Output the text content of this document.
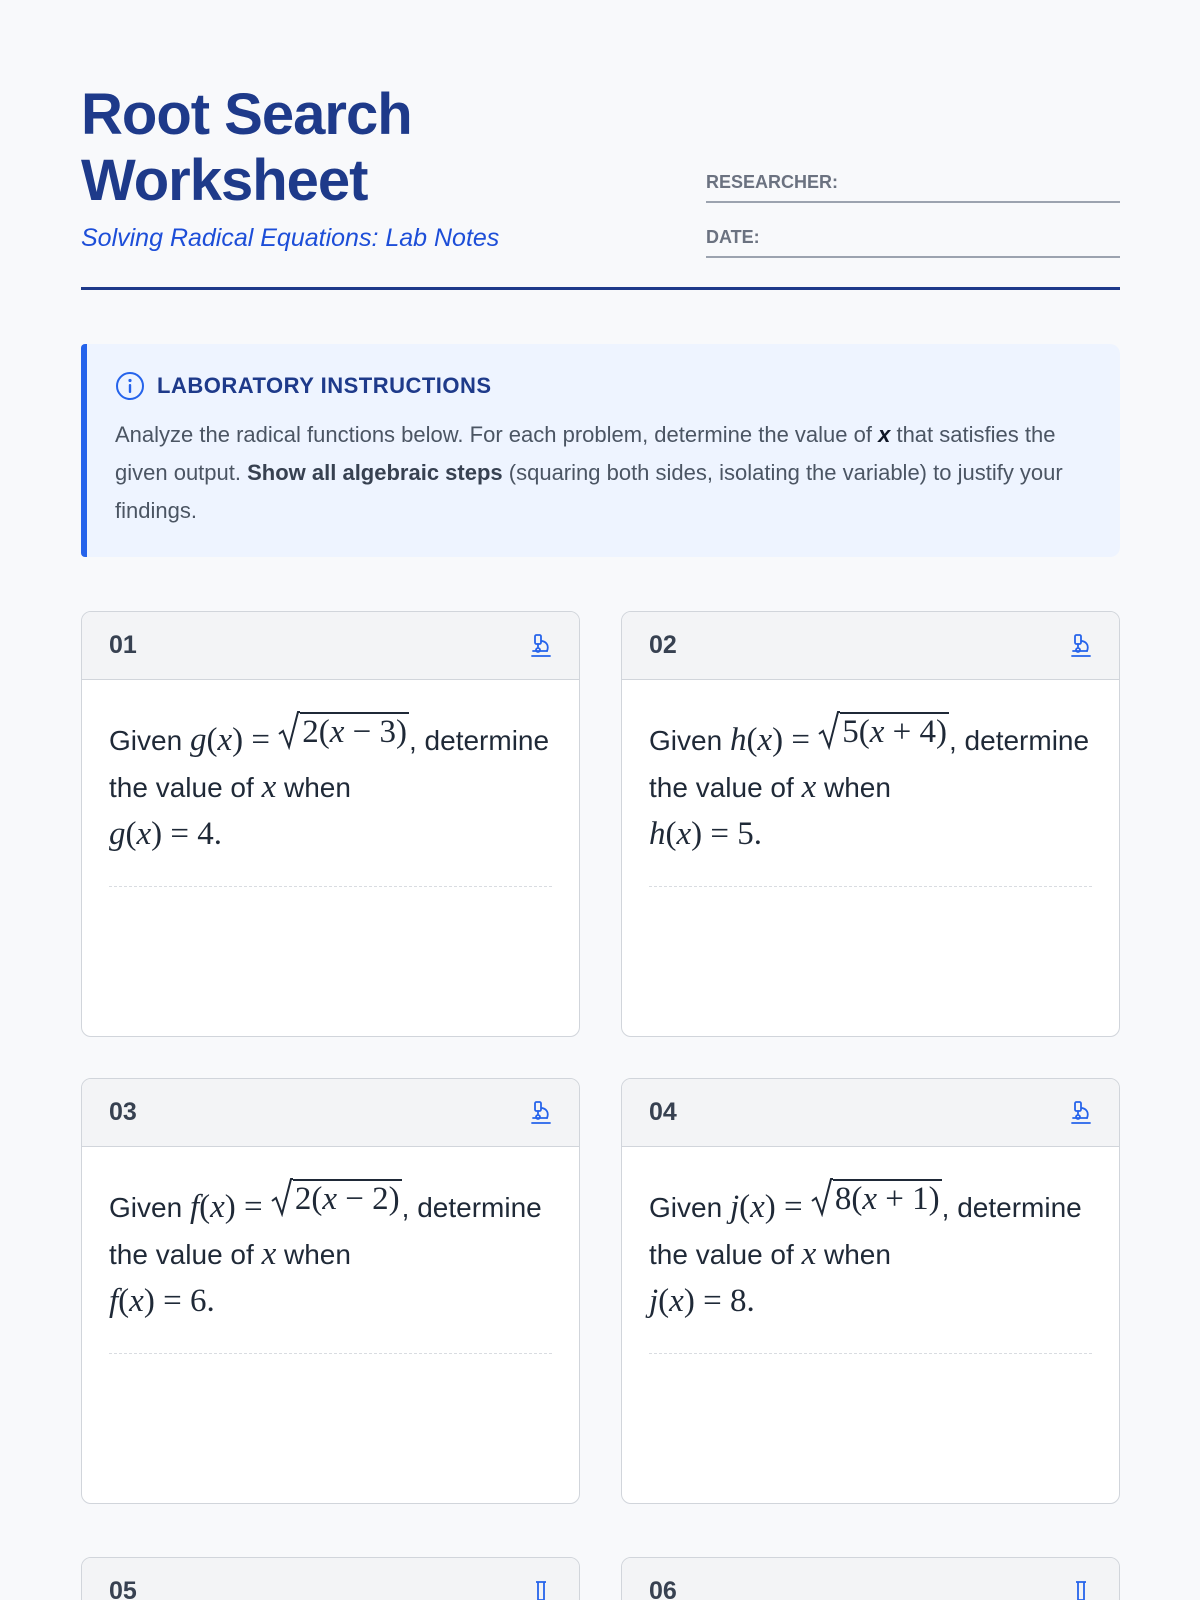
Root Search
Worksheet
Solving Radical Equations: Lab Notes
RESEARCHER:
DATE:
LABORATORY INSTRUCTIONS

Analyze the radical functions below. For each problem, determine the value of x that satisfies the given output. Show all algebraic steps (squaring both sides, isolating the variable) to justify your findings.

01
Given g(x) = 2(x − 3) , determine the value of x when
g(x) = 4.
02
Given h(x) = 5(x + 4) , determine the value of x when
h(x) = 5.
03
Given f(x) = 2(x − 2) , determine the value of x when
f(x) = 6.
04
Given j(x) = 8(x + 1) , determine the value of x when
j(x) = 8.
05	06
